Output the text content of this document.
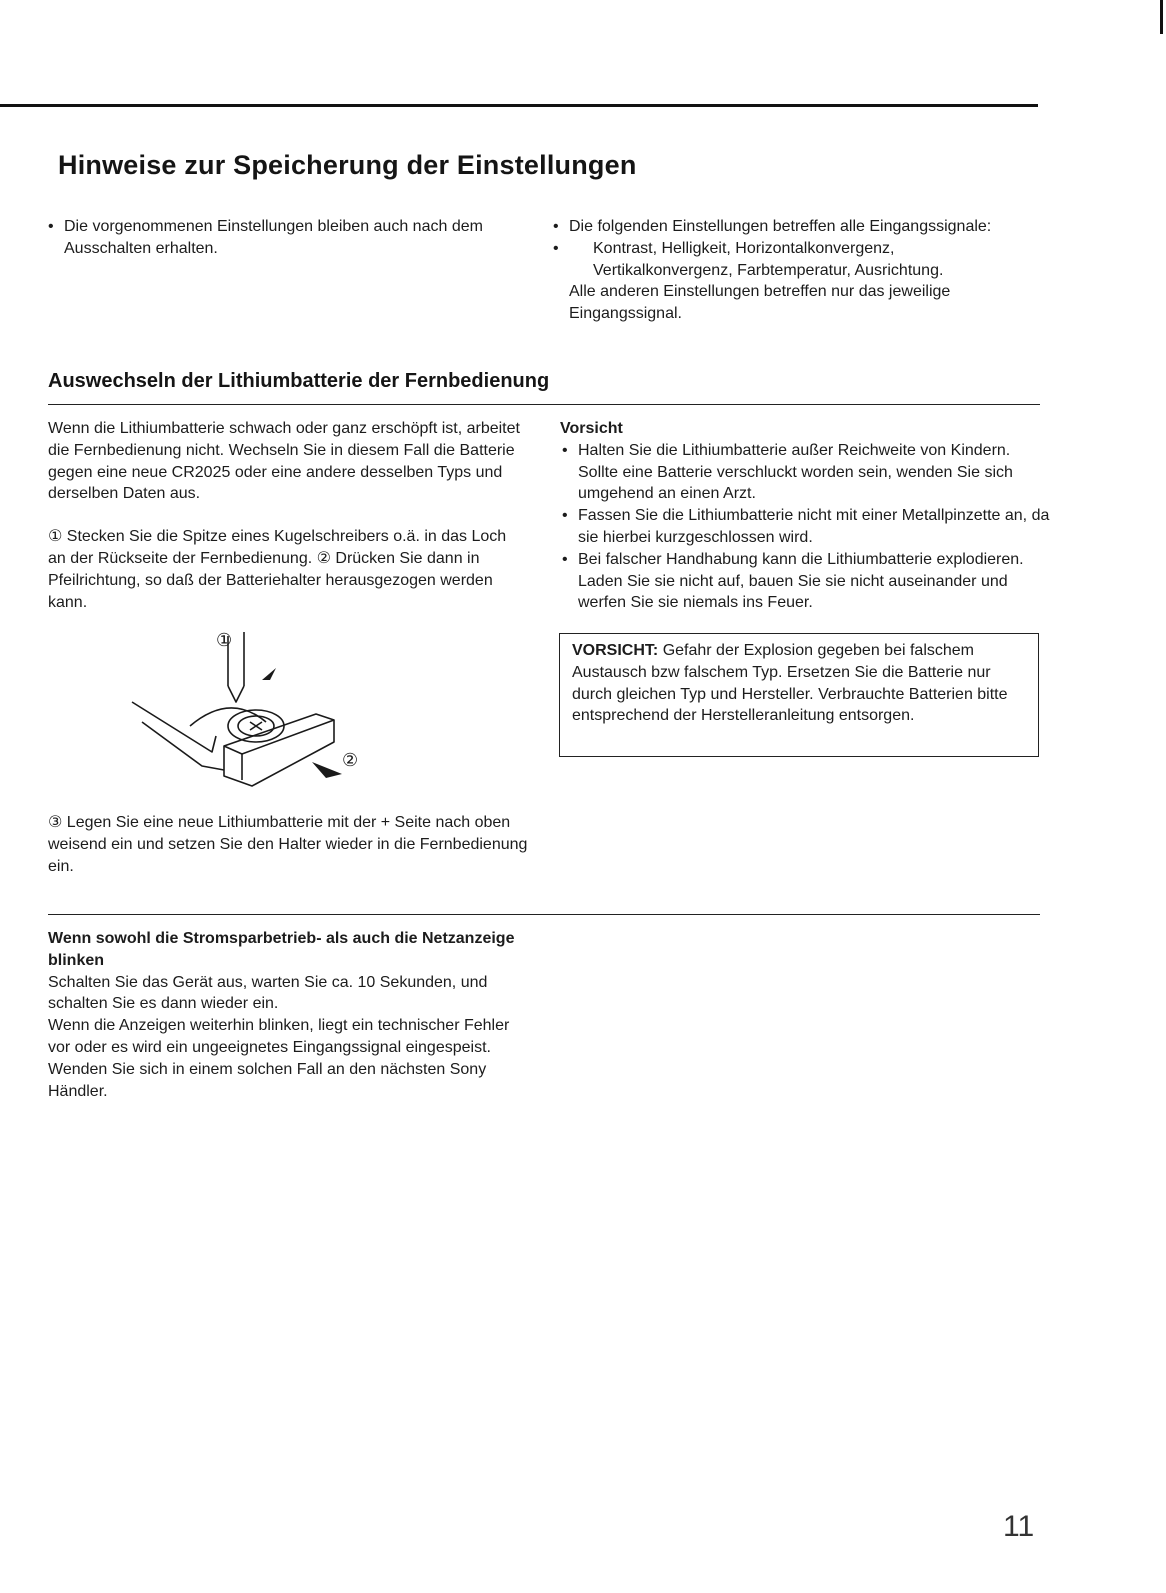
Hinweise zur Speicherung der Einstellungen
• Die vorgenommenen Einstellungen bleiben auch nach dem Ausschalten erhalten.
• Die folgenden Einstellungen betreffen alle Eingangssignale:
• Kontrast, Helligkeit, Horizontalkonvergenz, Vertikalkonvergenz, Farbtemperatur, Ausrichtung.
Alle anderen Einstellungen betreffen nur das jeweilige Eingangssignal.
Auswechseln der Lithiumbatterie der Fernbedienung

Wenn die Lithiumbatterie schwach oder ganz erschöpft ist, arbeitet die Fernbedienung nicht. Wechseln Sie in diesem Fall die Batterie gegen eine neue CR2025 oder eine andere desselben Typs und derselben Daten aus.

① Stecken Sie die Spitze eines Kugelschreibers o.ä. in das Loch an der Rückseite der Fernbedienung. ② Drücken Sie dann in Pfeilrichtung, so daß der Batteriehalter herausgezogen werden kann.

①
②

③ Legen Sie eine neue Lithiumbatterie mit der + Seite nach oben weisend ein und setzen Sie den Halter wieder in die Fernbedienung ein.

Vorsicht
• Halten Sie die Lithiumbatterie außer Reichweite von Kindern. Sollte eine Batterie verschluckt worden sein, wenden Sie sich umgehend an einen Arzt.
• Fassen Sie die Lithiumbatterie nicht mit einer Metallpinzette an, da sie hierbei kurzgeschlossen wird.
• Bei falscher Handhabung kann die Lithiumbatterie explodieren. Laden Sie sie nicht auf, bauen Sie sie nicht auseinander und werfen Sie sie niemals ins Feuer.
VORSICHT: Gefahr der Explosion gegeben bei falschem Austausch bzw falschem Typ. Ersetzen Sie die Batterie nur durch gleichen Typ und Hersteller. Verbrauchte Batterien bitte entsprechend der Herstelleranleitung entsorgen.
Wenn sowohl die Stromsparbetrieb- als auch die Netzanzeige blinken
Schalten Sie das Gerät aus, warten Sie ca. 10 Sekunden, und schalten Sie es dann wieder ein.
Wenn die Anzeigen weiterhin blinken, liegt ein technischer Fehler vor oder es wird ein ungeeignetes Eingangssignal eingespeist.
Wenden Sie sich in einem solchen Fall an den nächsten Sony Händler.
11
